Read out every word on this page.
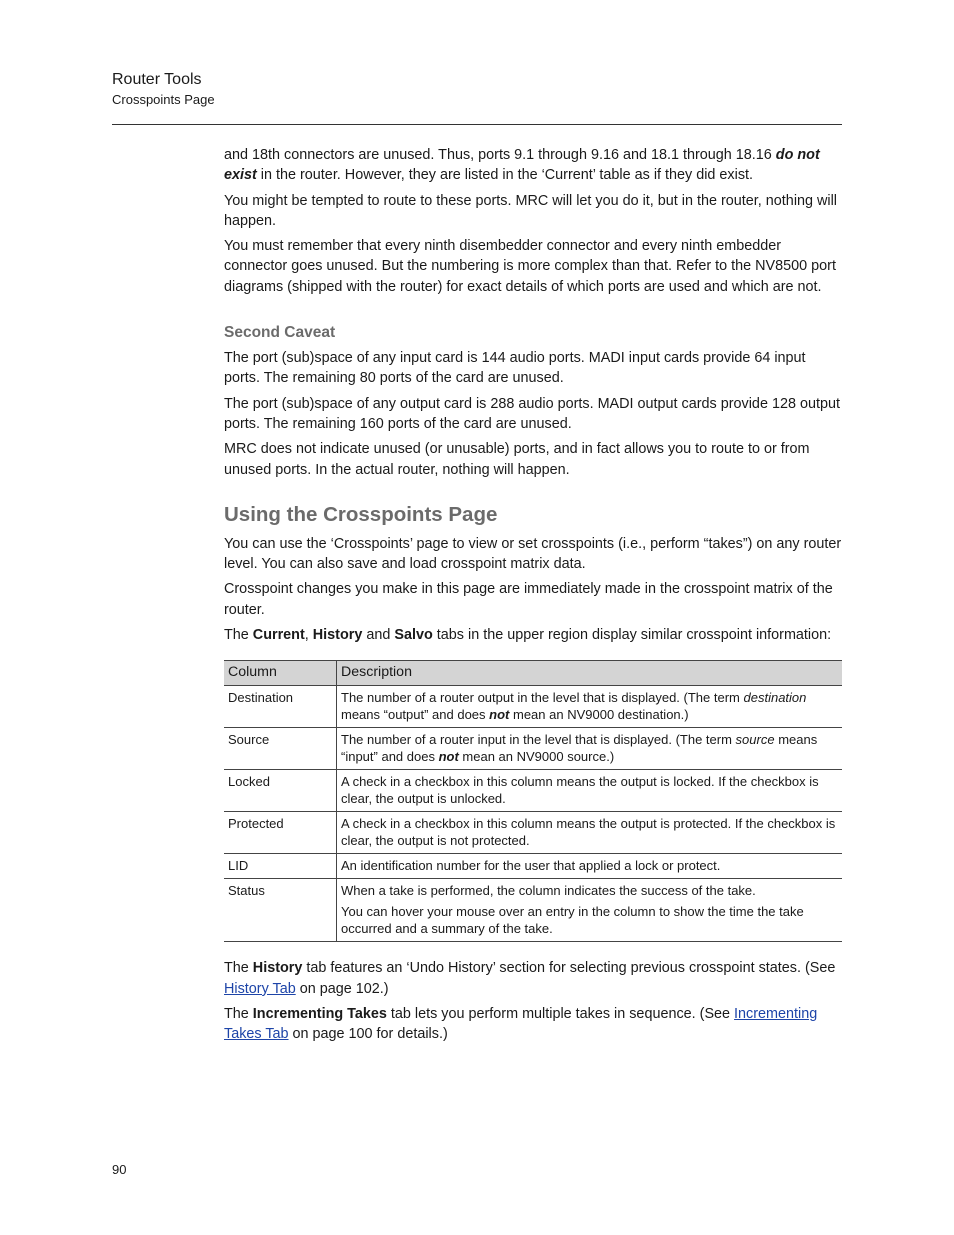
Router Tools
Crosspoints Page

and 18th connectors are unused. Thus, ports 9.1 through 9.16 and 18.1 through 18.16 do not exist in the router. However, they are listed in the ‘Current’ table as if they did exist.

You might be tempted to route to these ports. MRC will let you do it, but in the router, nothing will happen.

You must remember that every ninth disembedder connector and every ninth embedder connector goes unused. But the numbering is more complex than that. Refer to the NV8500 port diagrams (shipped with the router) for exact details of which ports are used and which are not.

Second Caveat

The port (sub)space of any input card is 144 audio ports. MADI input cards provide 64 input ports. The remaining 80 ports of the card are unused.

The port (sub)space of any output card is 288 audio ports. MADI output cards provide 128 output ports. The remaining 160 ports of the card are unused.

MRC does not indicate unused (or unusable) ports, and in fact allows you to route to or from unused ports. In the actual router, nothing will happen.

Using the Crosspoints Page

You can use the ‘Crosspoints’ page to view or set crosspoints (i.e., perform “takes”) on any router level. You can also save and load crosspoint matrix data.

Crosspoint changes you make in this page are immediately made in the crosspoint matrix of the router.

The Current, History and Salvo tabs in the upper region display similar crosspoint information:

Column	Description
Destination	The number of a router output in the level that is displayed. (The term destination means “output” and does not mean an NV9000 destination.)
Source	The number of a router input in the level that is displayed. (The term source means “input” and does not mean an NV9000 source.)
Locked	A check in a checkbox in this column means the output is locked. If the checkbox is clear, the output is unlocked.
Protected	A check in a checkbox in this column means the output is protected. If the checkbox is clear, the output is not protected.
LID	An identification number for the user that applied a lock or protect.
Status	When a take is performed, the column indicates the success of the take.
You can hover your mouse over an entry in the column to show the time the take occurred and a summary of the take.

The History tab features an ‘Undo History’ section for selecting previous crosspoint states. (See History Tab on page 102.)

The Incrementing Takes tab lets you perform multiple takes in sequence. (See Incrementing Takes Tab on page 100 for details.)

90
